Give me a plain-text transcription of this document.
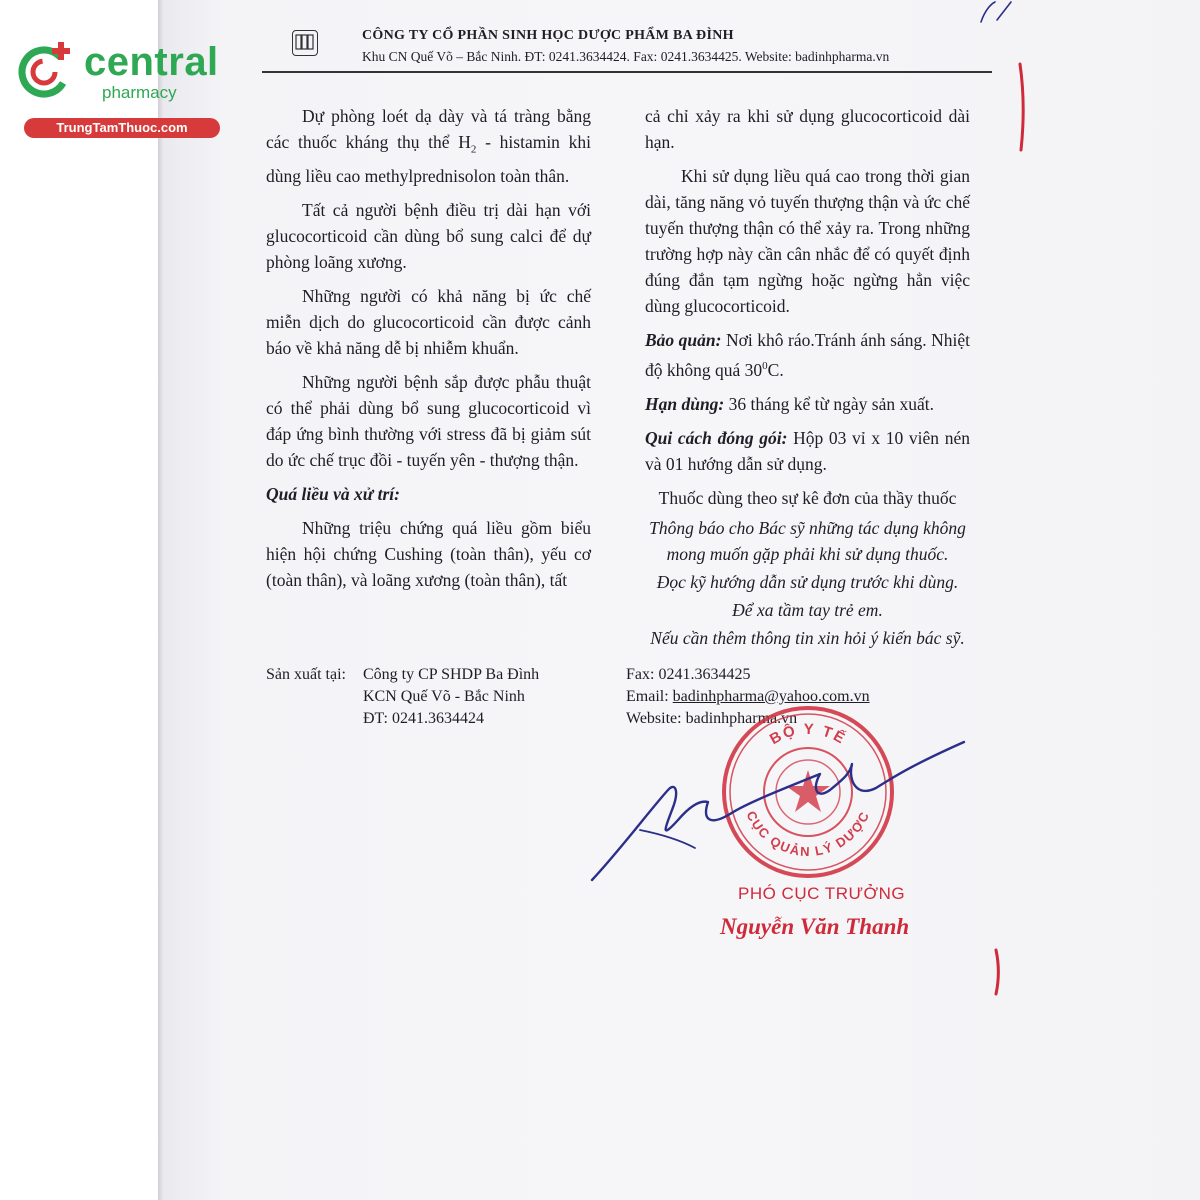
central
pharmacy
TrungTamThuoc.com
CÔNG TY CỔ PHẦN SINH HỌC DƯỢC PHẨM BA ĐÌNH
Khu CN Quế Võ – Bắc Ninh. ĐT: 0241.3634424. Fax: 0241.3634425. Website: badinhpharma.vn

Dự phòng loét dạ dày và tá tràng bằng các thuốc kháng thụ thể $H_2$ - histamin khi dùng liều cao methylprednisolon toàn thân.

Tất cả người bệnh điều trị dài hạn với glucocorticoid cần dùng bổ sung calci để dự phòng loãng xương.

Những người có khả năng bị ức chế miễn dịch do glucocorticoid cần được cảnh báo về khả năng dễ bị nhiễm khuẩn.

Những người bệnh sắp được phẫu thuật có thể phải dùng bổ sung glucocorticoid vì đáp ứng bình thường với stress đã bị giảm sút do ức chế trục đồi - tuyến yên - thượng thận.

Quá liều và xử trí:

Những triệu chứng quá liều gồm biểu hiện hội chứng Cushing (toàn thân), yếu cơ (toàn thân), và loãng xương (toàn thân), tất

cả chỉ xảy ra khi sử dụng glucocorticoid dài hạn.

Khi sử dụng liều quá cao trong thời gian dài, tăng năng vỏ tuyến thượng thận và ức chế tuyến thượng thận có thể xảy ra. Trong những trường hợp này cần cân nhắc để có quyết định đúng đắn tạm ngừng hoặc ngừng hẳn việc dùng glucocorticoid.

Bảo quản: Nơi khô ráo.Tránh ánh sáng. Nhiệt độ không quá $30^0C$.

Hạn dùng: 36 tháng kể từ ngày sản xuất.

Qui cách đóng gói: Hộp 03 vỉ x 10 viên nén và 01 hướng dẫn sử dụng.

Thuốc dùng theo sự kê đơn của thầy thuốc

Thông báo cho Bác sỹ những tác dụng không mong muốn gặp phải khi sử dụng thuốc.

Đọc kỹ hướng dẫn sử dụng trước khi dùng.

Để xa tầm tay trẻ em.

Nếu cần thêm thông tin xin hỏi ý kiến bác sỹ.

Sản xuất tại:	Công ty CP SHDP Ba Đình
KCN Quế Võ - Bắc Ninh
ĐT: 0241.3634424
Fax: 0241.3634425
Email: badinhpharma@yahoo.com.vn
Website: badinhpharma.vn
BỘ Y TẾ
CỤC QUẢN LÝ DƯỢC
PHÓ CỤC TRƯỞNG
Nguyễn Văn Thanh
